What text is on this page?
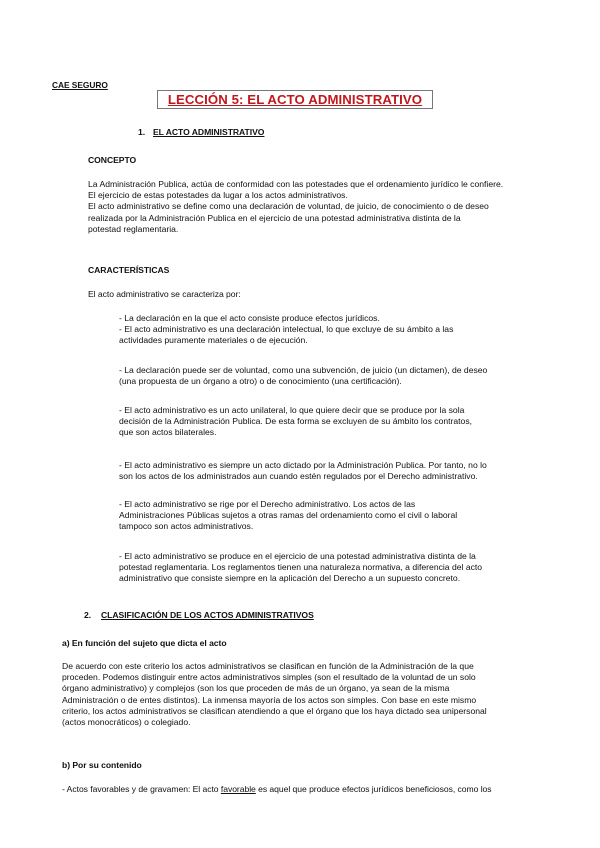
CAE SEGURO
LECCIÓN 5: EL ACTO ADMINISTRATIVO
1. EL ACTO ADMINISTRATIVO
CONCEPTO
La Administración Publica, actúa de conformidad con las potestades que el ordenamiento jurídico le confiere.
El ejercicio de estas potestades da lugar a los actos administrativos.
El acto administrativo se define como una declaración de voluntad, de juicio, de conocimiento o de deseo
realizada por la Administración Publica en el ejercicio de una potestad administrativa distinta de la
potestad reglamentaria.
CARACTERÍSTICAS
El acto administrativo se caracteriza por:
- La declaración en la que el acto consiste produce efectos jurídicos.
- El acto administrativo es una declaración intelectual, lo que excluye de su ámbito a las
actividades puramente materiales o de ejecución.
- La declaración puede ser de voluntad, como una subvención, de juicio (un dictamen), de deseo
(una propuesta de un órgano a otro) o de conocimiento (una certificación).
- El acto administrativo es un acto unilateral, lo que quiere decir que se produce por la sola
decisión de la Administración Publica. De esta forma se excluyen de su ámbito los contratos,
que son actos bilaterales.
- El acto administrativo es siempre un acto dictado por la Administración Publica. Por tanto, no lo
son los actos de los administrados aun cuando estén regulados por el Derecho administrativo.
- El acto administrativo se rige por el Derecho administrativo. Los actos de las
Administraciones Públicas sujetos a otras ramas del ordenamiento como el civil o laboral
tampoco son actos administrativos.
- El acto administrativo se produce en el ejercicio de una potestad administrativa distinta de la
potestad reglamentaria. Los reglamentos tienen una naturaleza normativa, a diferencia del acto
administrativo que consiste siempre en la aplicación del Derecho a un supuesto concreto.
2. CLASIFICACIÓN DE LOS ACTOS ADMINISTRATIVOS
a) En función del sujeto que dicta el acto
De acuerdo con este criterio los actos administrativos se clasifican en función de la Administración de la que
proceden. Podemos distinguir entre actos administrativos simples (son el resultado de la voluntad de un solo
órgano administrativo) y complejos (son los que proceden de más de un órgano, ya sean de la misma
Administración o de entes distintos). La inmensa mayoría de los actos son simples. Con base en este mismo
criterio, los actos administrativos se clasifican atendiendo a que el órgano que los haya dictado sea unipersonal
(actos monocráticos) o colegiado.
b) Por su contenido
- Actos favorables y de gravamen: El acto favorable es aquel que produce efectos jurídicos beneficiosos, como los
